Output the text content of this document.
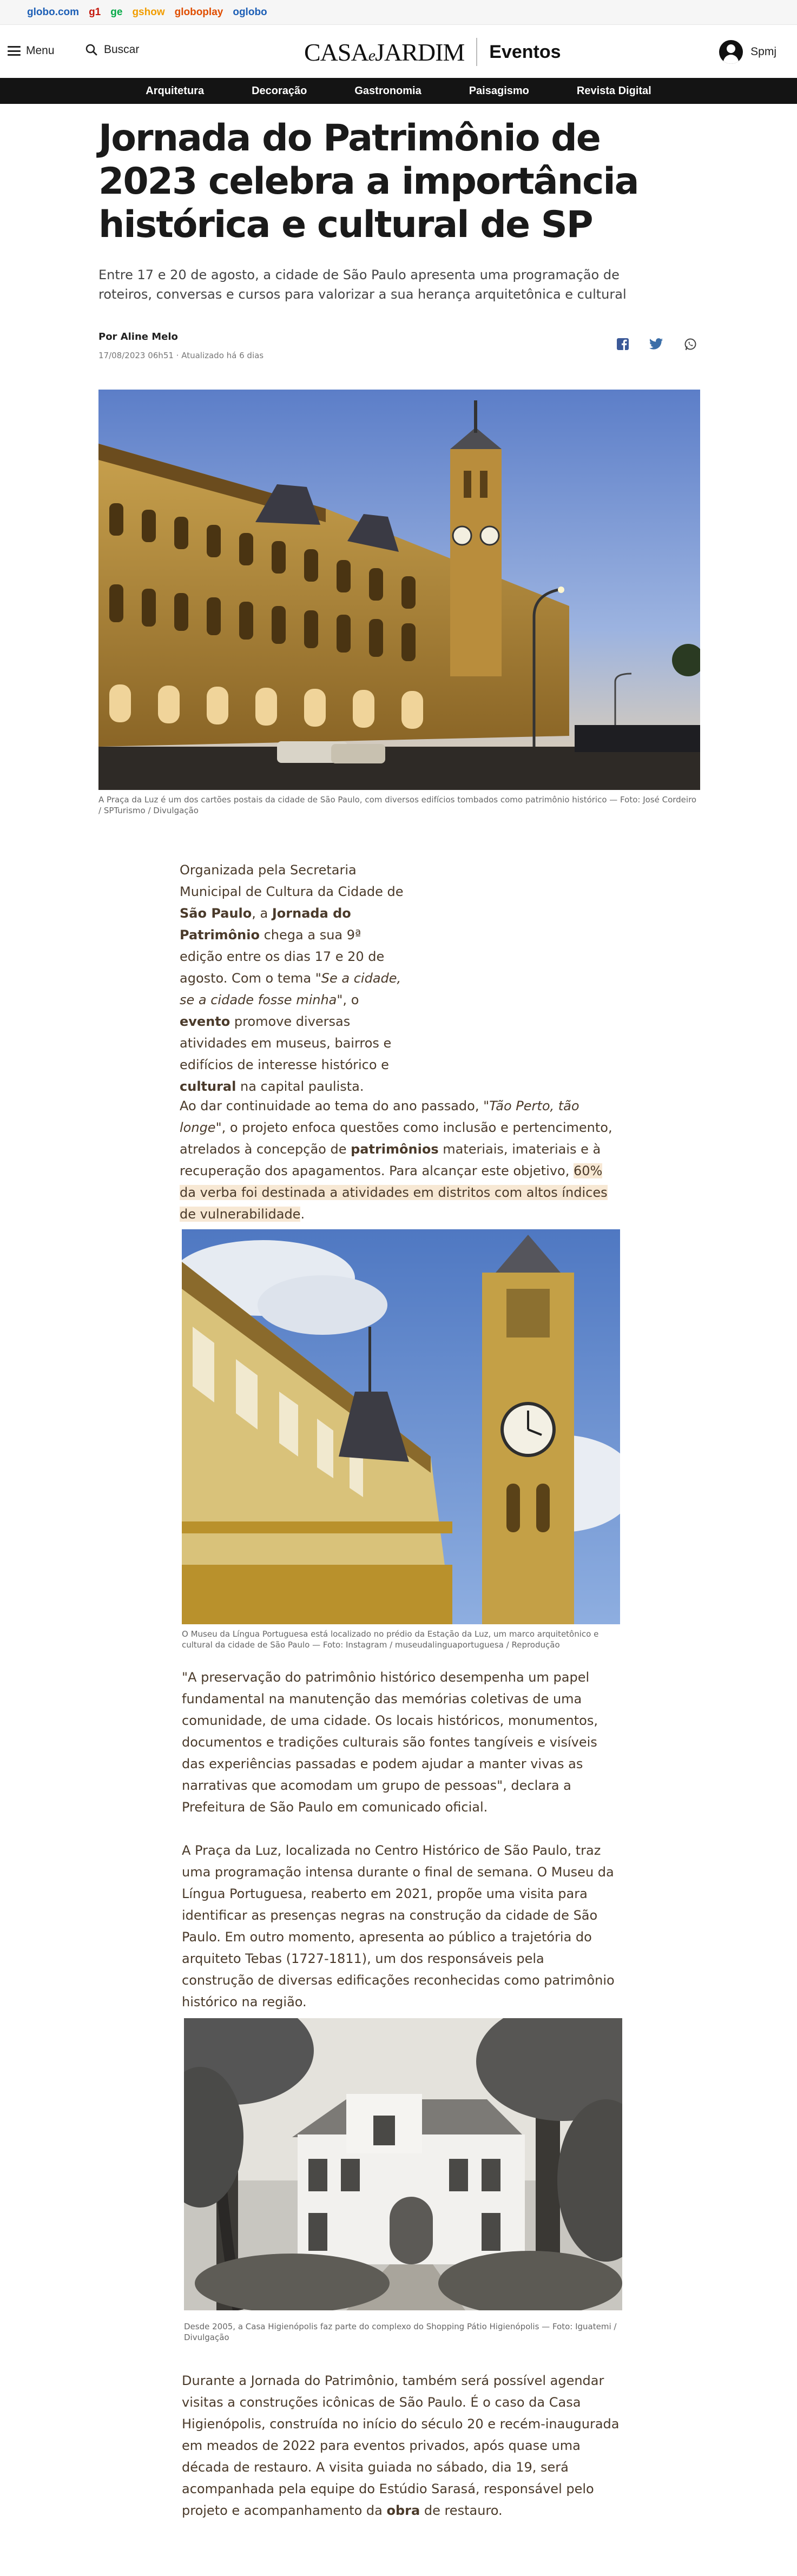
globo.com g1 ge gshow globoplay oglobo
Menu	Buscar	CASAeJARDIM Eventos	Spmj
Arquitetura	Decoração	Gastronomia	Paisagismo	Revista Digital
Jornada do Patrimônio de 2023 celebra a importância histórica e cultural de SP

Entre 17 e 20 de agosto, a cidade de São Paulo apresenta uma programação de roteiros, conversas e cursos para valorizar a sua herança arquitetônica e cultural

Por Aline Melo
17/08/2023 06h51 · Atualizado há 6 dias
A Praça da Luz é um dos cartões postais da cidade de São Paulo, com diversos edifícios tombados como patrimônio histórico — Foto: José Cordeiro / SPTurismo / Divulgação

Organizada pela Secretaria Municipal de Cultura da Cidade de São Paulo, a Jornada do Patrimônio chega a sua 9ª edição entre os dias 17 e 20 de agosto. Com o tema "Se a cidade, se a cidade fosse minha", o evento promove diversas atividades em museus, bairros e edifícios de interesse histórico e cultural na capital paulista.

Ao dar continuidade ao tema do ano passado, "Tão Perto, tão longe", o projeto enfoca questões como inclusão e pertencimento, atrelados à concepção de patrimônios materiais, imateriais e à recuperação dos apagamentos. Para alcançar este objetivo, 60% da verba foi destinada a atividades em distritos com altos índices de vulnerabilidade.

O Museu da Língua Portuguesa está localizado no prédio da Estação da Luz, um marco arquitetônico e cultural da cidade de São Paulo — Foto: Instagram / museudalinguaportuguesa / Reprodução

"A preservação do patrimônio histórico desempenha um papel fundamental na manutenção das memórias coletivas de uma comunidade, de uma cidade. Os locais históricos, monumentos, documentos e tradições culturais são fontes tangíveis e visíveis das experiências passadas e podem ajudar a manter vivas as narrativas que acomodam um grupo de pessoas", declara a Prefeitura de São Paulo em comunicado oficial.

A Praça da Luz, localizada no Centro Histórico de São Paulo, traz uma programação intensa durante o final de semana. O Museu da Língua Portuguesa, reaberto em 2021, propõe uma visita para identificar as presenças negras na construção da cidade de São Paulo. Em outro momento, apresenta ao público a trajetória do arquiteto Tebas (1727-1811), um dos responsáveis pela construção de diversas edificações reconhecidas como patrimônio histórico na região.

Desde 2005, a Casa Higienópolis faz parte do complexo do Shopping Pátio Higienópolis — Foto: Iguatemi / Divulgação

Durante a Jornada do Patrimônio, também será possível agendar visitas a construções icônicas de São Paulo. É o caso da Casa Higienópolis, construída no início do século 20 e recém-inaugurada em meados de 2022 para eventos privados, após quase uma década de restauro. A visita guiada no sábado, dia 19, será acompanhada pela equipe do Estúdio Sarasá, responsável pelo projeto e acompanhamento da obra de restauro.
